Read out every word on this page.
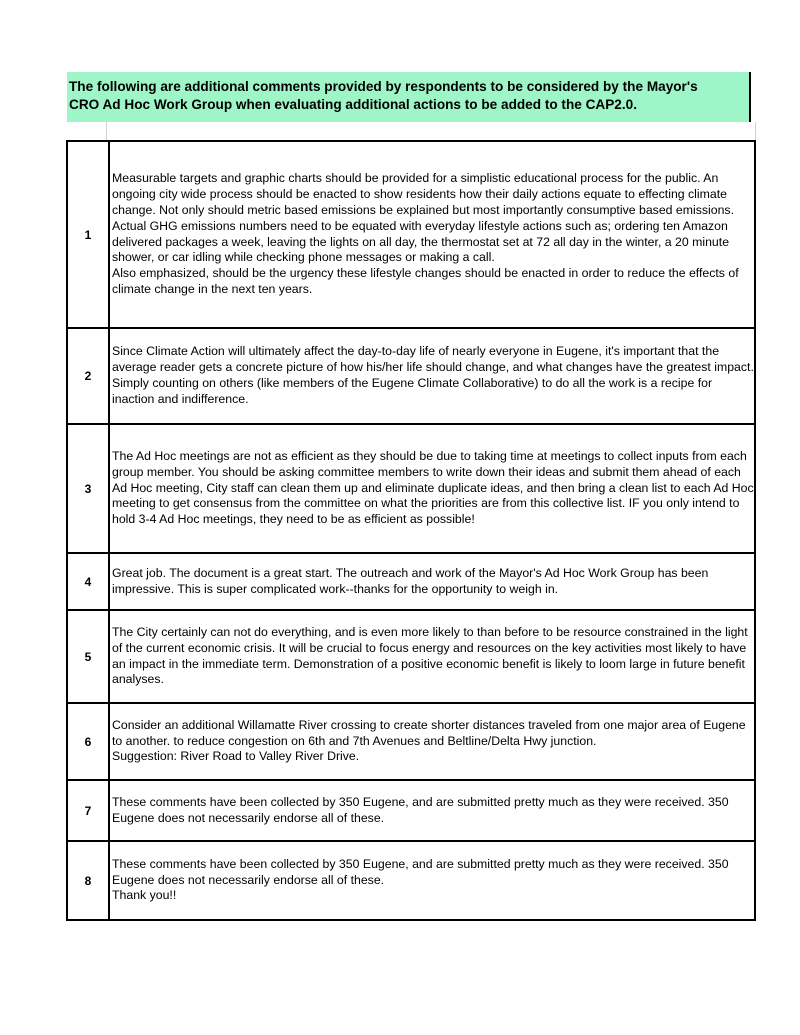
The following are additional comments provided by respondents to be considered by the Mayor's
CRO Ad Hoc Work Group when evaluating additional actions to be added to the CAP2.0.
1	Measurable targets and graphic charts should be provided for a simplistic educational process for the public. An ongoing city wide process should be enacted to show residents how their daily actions equate to effecting climate change. Not only should metric based emissions be explained but most importantly consumptive based emissions. Actual GHG emissions numbers need to be equated with everyday lifestyle actions such as; ordering ten Amazon delivered packages a week, leaving the lights on all day, the thermostat set at 72 all day in the winter, a 20 minute shower, or car idling while checking phone messages or making a call.
Also emphasized, should be the urgency these lifestyle changes should be enacted in order to reduce the effects of climate change in the next ten years.
2	Since Climate Action will ultimately affect the day-to-day life of nearly everyone in Eugene, it's important that the average reader gets a concrete picture of how his/her life should change, and what changes have the greatest impact. Simply counting on others (like members of the Eugene Climate Collaborative) to do all the work is a recipe for inaction and indifference.
3	The Ad Hoc meetings are not as efficient as they should be due to taking time at meetings to collect inputs from each group member. You should be asking committee members to write down their ideas and submit them ahead of each Ad Hoc meeting, City staff can clean them up and eliminate duplicate ideas, and then bring a clean list to each Ad Hoc meeting to get consensus from the committee on what the priorities are from this collective list. IF you only intend to hold 3-4 Ad Hoc meetings, they need to be as efficient as possible!
4	Great job. The document is a great start. The outreach and work of the Mayor's Ad Hoc Work Group has been impressive. This is super complicated work--thanks for the opportunity to weigh in.
5	The City certainly can not do everything, and is even more likely to than before to be resource constrained in the light of the current economic crisis. It will be crucial to focus energy and resources on the key activities most likely to have an impact in the immediate term. Demonstration of a positive economic benefit is likely to loom large in future benefit analyses.
6	Consider an additional Willamatte River crossing to create shorter distances traveled from one major area of Eugene to another. to reduce congestion on 6th and 7th Avenues and Beltline/Delta Hwy junction.
Suggestion: River Road to Valley River Drive.
7	These comments have been collected by 350 Eugene, and are submitted pretty much as they were received. 350 Eugene does not necessarily endorse all of these.
8	These comments have been collected by 350 Eugene, and are submitted pretty much as they were received. 350 Eugene does not necessarily endorse all of these.
Thank you!!
